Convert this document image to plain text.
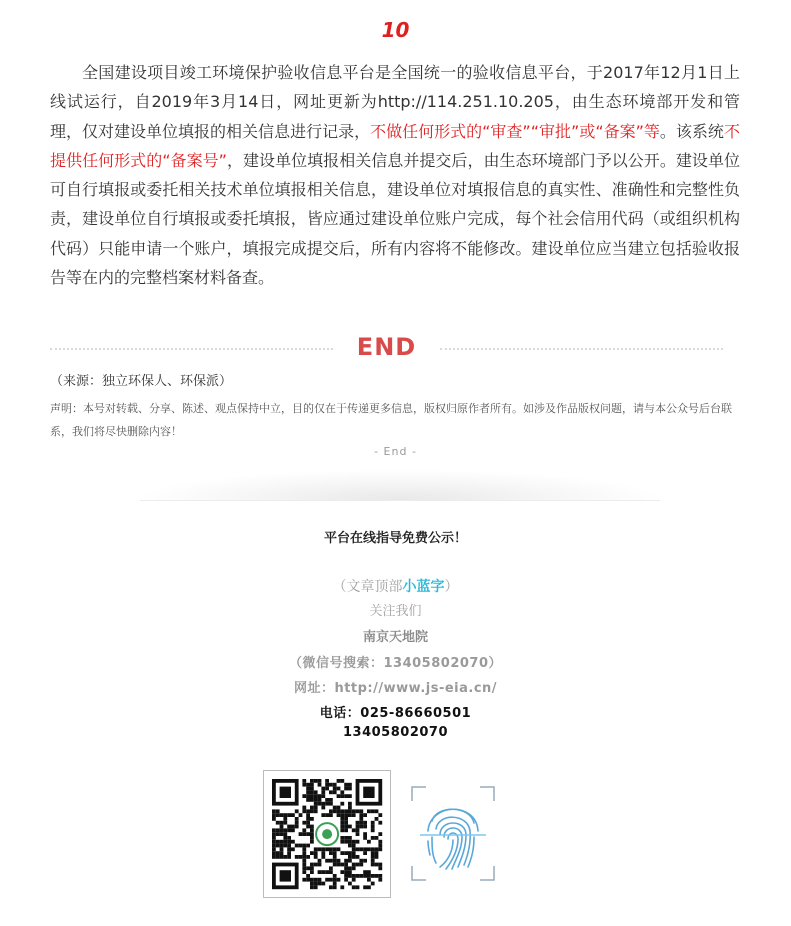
10
全国建设项目竣工环境保护验收信息平台是全国统一的验收信息平台，于2017年12月1日上线试运行，自2019年3月14日，网址更新为http://114.251.10.205，由生态环境部开发和管理，仅对建设单位填报的相关信息进行记录，不做任何形式的“审查”“审批”或“备案”等。该系统不提供任何形式的“备案号”，建设单位填报相关信息并提交后，由生态环境部门予以公开。建设单位可自行填报或委托相关技术单位填报相关信息，建设单位对填报信息的真实性、准确性和完整性负责，建设单位自行填报或委托填报，皆应通过建设单位账户完成，每个社会信用代码（或组织机构代码）只能申请一个账户，填报完成提交后，所有内容将不能修改。建设单位应当建立包括验收报告等在内的完整档案材料备查。
END
（来源：独立环保人、环保派）
声明：本号对转载、分享、陈述、观点保持中立，目的仅在于传递更多信息，版权归原作者所有。如涉及作品版权问题，请与本公众号后台联系，我们将尽快删除内容！
- End -
平台在线指导免费公示！
（文章顶部小蓝字）
关注我们
南京天地院
（微信号搜索：13405802070）
网址：http://www.js-eia.cn/
电话：025-86660501
13405802070
